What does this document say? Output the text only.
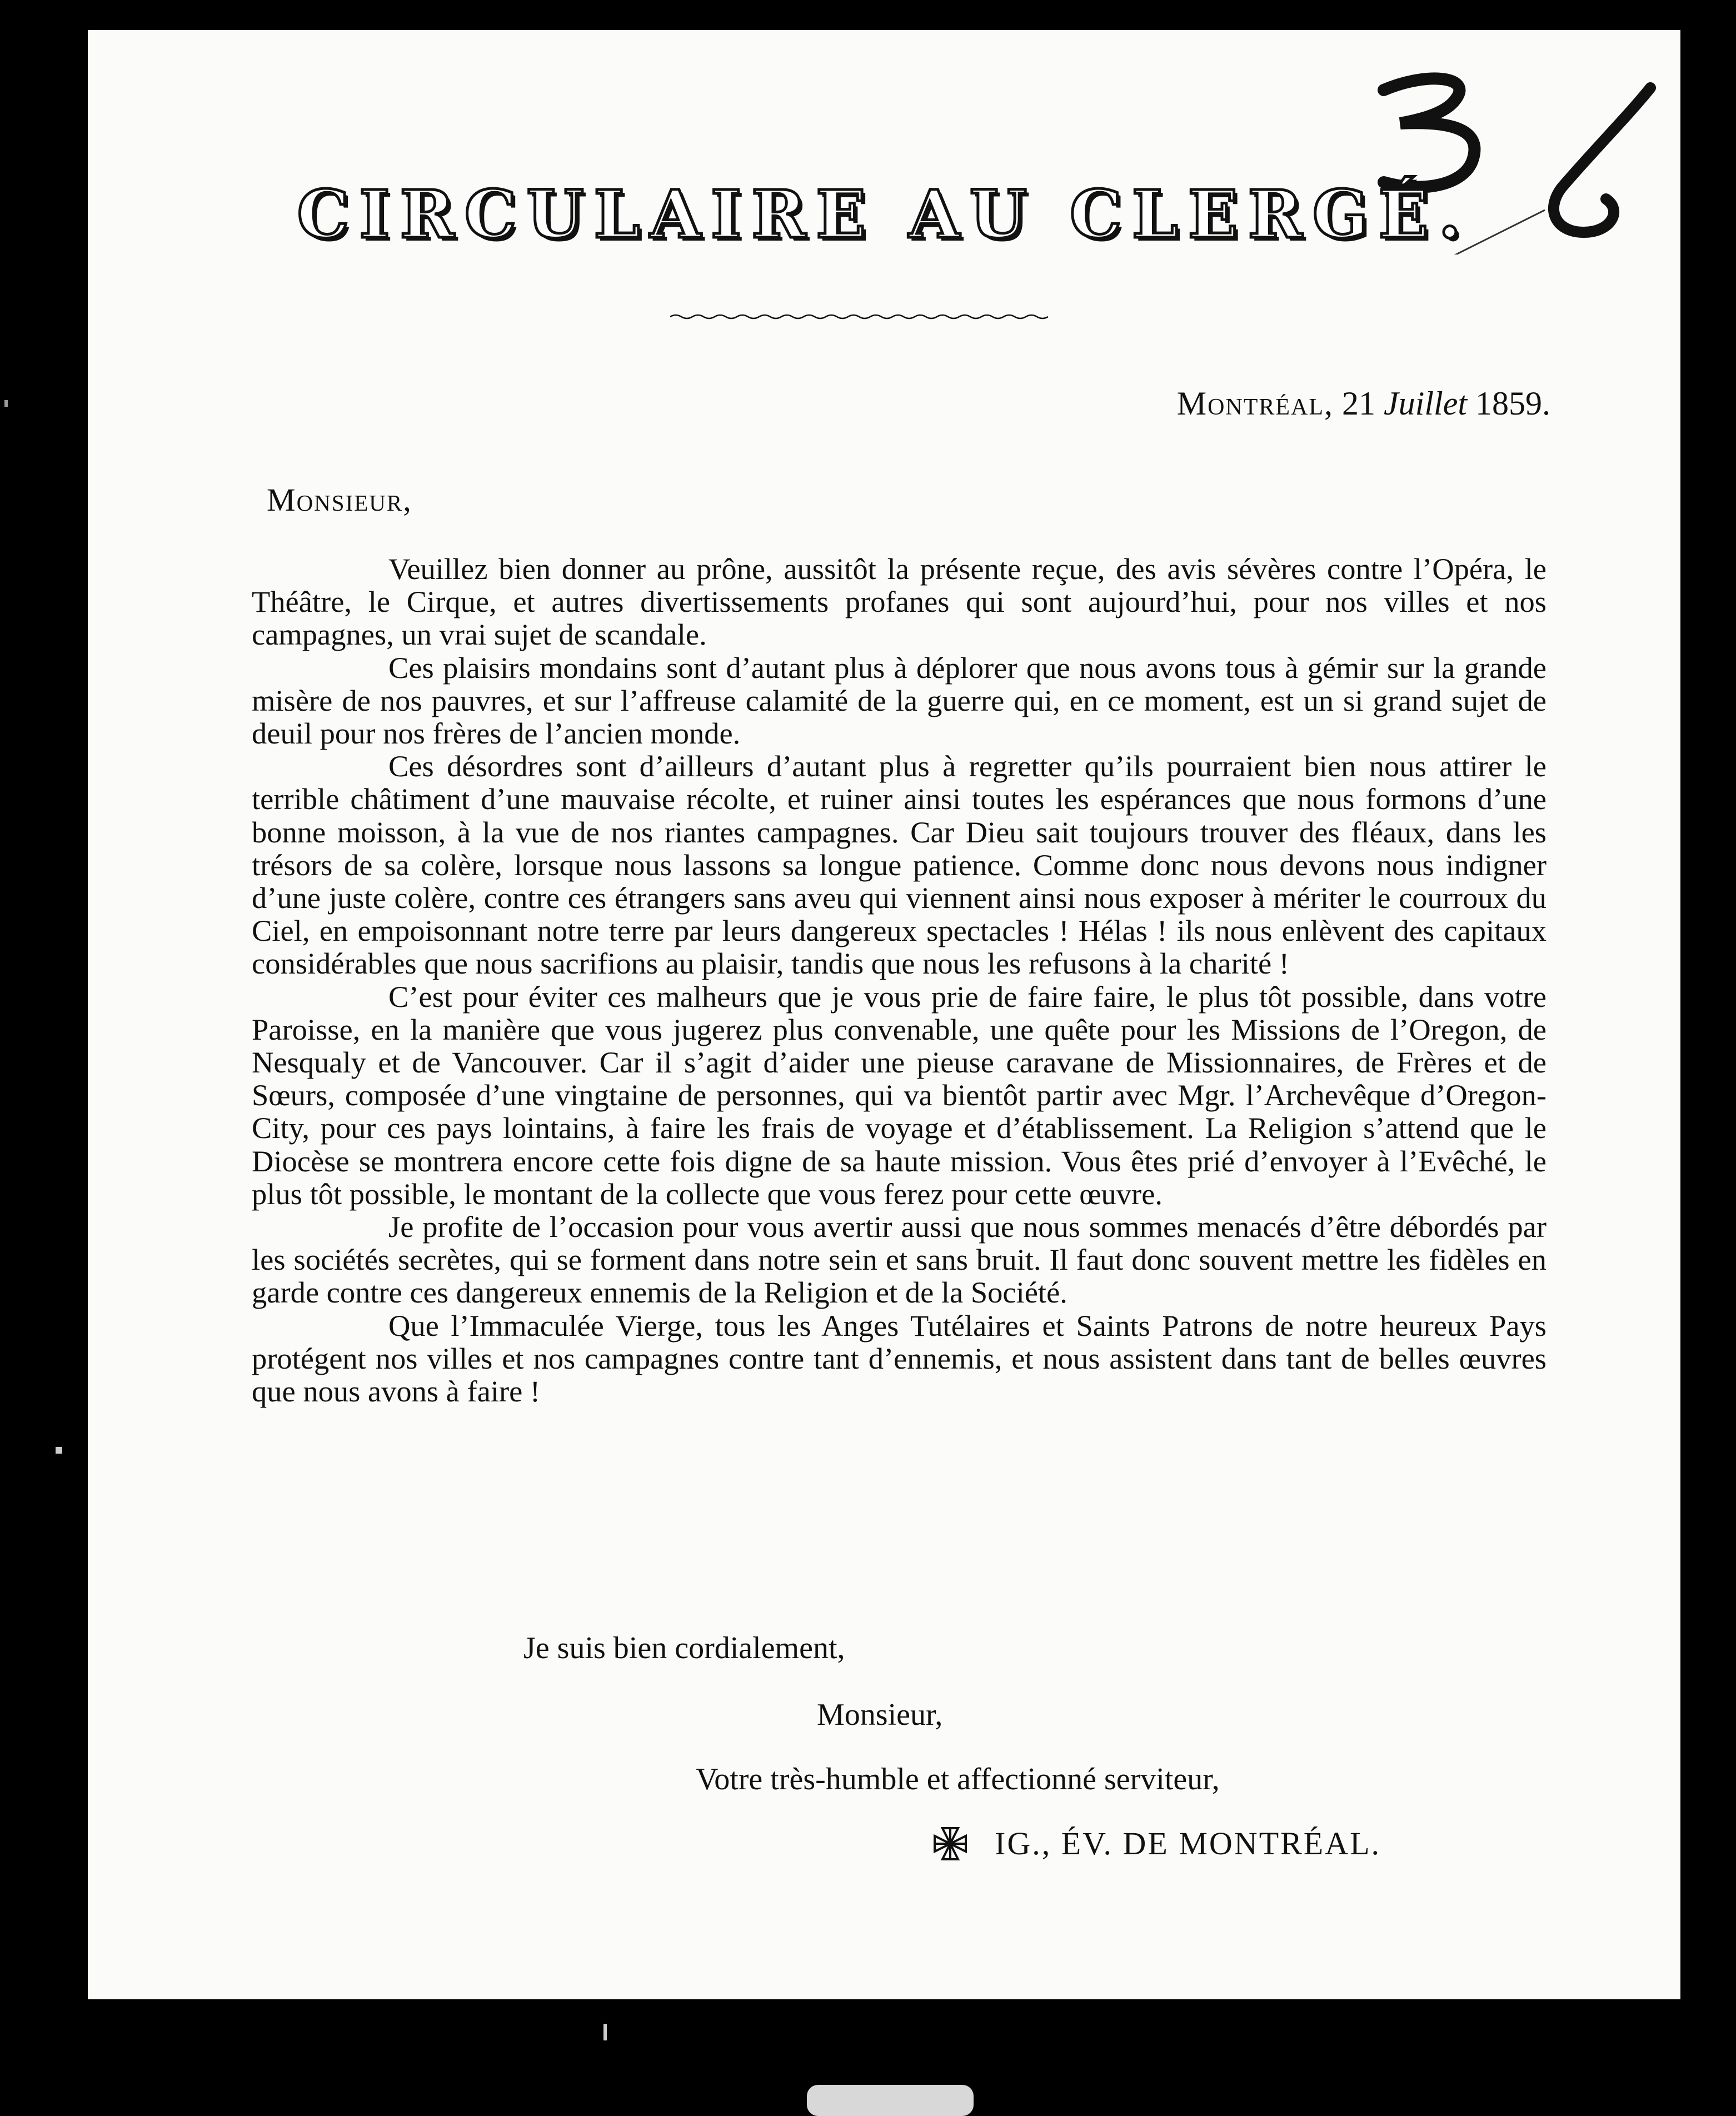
CIRCULAIRE AU CLERGÉ.
Montréal, 21 Juillet 1859.
Monsieur,

Veuillez bien donner au prône, aussitôt la présente reçue, des avis sévères contre l’Opéra, le Théâtre, le Cirque, et autres divertissements profanes qui sont aujourd’hui, pour nos villes et nos campagnes, un vrai sujet de scandale.

Ces plaisirs mondains sont d’autant plus à déplorer que nous avons tous à gémir sur la grande misère de nos pauvres, et sur l’affreuse calamité de la guerre qui, en ce moment, est un si grand sujet de deuil pour nos frères de l’ancien monde.

Ces désordres sont d’ailleurs d’autant plus à regretter qu’ils pourraient bien nous attirer le terrible châtiment d’une mauvaise récolte, et ruiner ainsi toutes les espérances que nous formons d’une bonne moisson, à la vue de nos riantes campagnes. Car Dieu sait toujours trouver des fléaux, dans les trésors de sa colère, lorsque nous lassons sa longue patience. Comme donc nous devons nous indigner d’une juste colère, contre ces étrangers sans aveu qui viennent ainsi nous exposer à mériter le courroux du Ciel, en empoisonnant notre terre par leurs dangereux spectacles ! Hélas ! ils nous enlèvent des capitaux considérables que nous sacrifions au plaisir, tandis que nous les refusons à la charité !

C’est pour éviter ces malheurs que je vous prie de faire faire, le plus tôt possible, dans votre Paroisse, en la manière que vous jugerez plus convenable, une quête pour les Missions de l’Oregon, de Nesqualy et de Vancouver. Car il s’agit d’aider une pieuse caravane de Missionnaires, de Frères et de Sœurs, composée d’une vingtaine de personnes, qui va bientôt partir avec Mgr. l’Archevêque d’Oregon-City, pour ces pays lointains, à faire les frais de voyage et d’établissement. La Religion s’attend que le Diocèse se montrera encore cette fois digne de sa haute mission. Vous êtes prié d’envoyer à l’Evêché, le plus tôt possible, le montant de la collecte que vous ferez pour cette œuvre.

Je profite de l’occasion pour vous avertir aussi que nous sommes menacés d’être débordés par les sociétés secrètes, qui se forment dans notre sein et sans bruit. Il faut donc souvent mettre les fidèles en garde contre ces dangereux ennemis de la Religion et de la Société.

Que l’Immaculée Vierge, tous les Anges Tutélaires et Saints Patrons de notre heureux Pays protégent nos villes et nos campagnes contre tant d’ennemis, et nous assistent dans tant de belles œuvres que nous avons à faire !

Je suis bien cordialement,
Monsieur,
Votre très-humble et affectionné serviteur,
IG., ÉV. DE MONTRÉAL.
